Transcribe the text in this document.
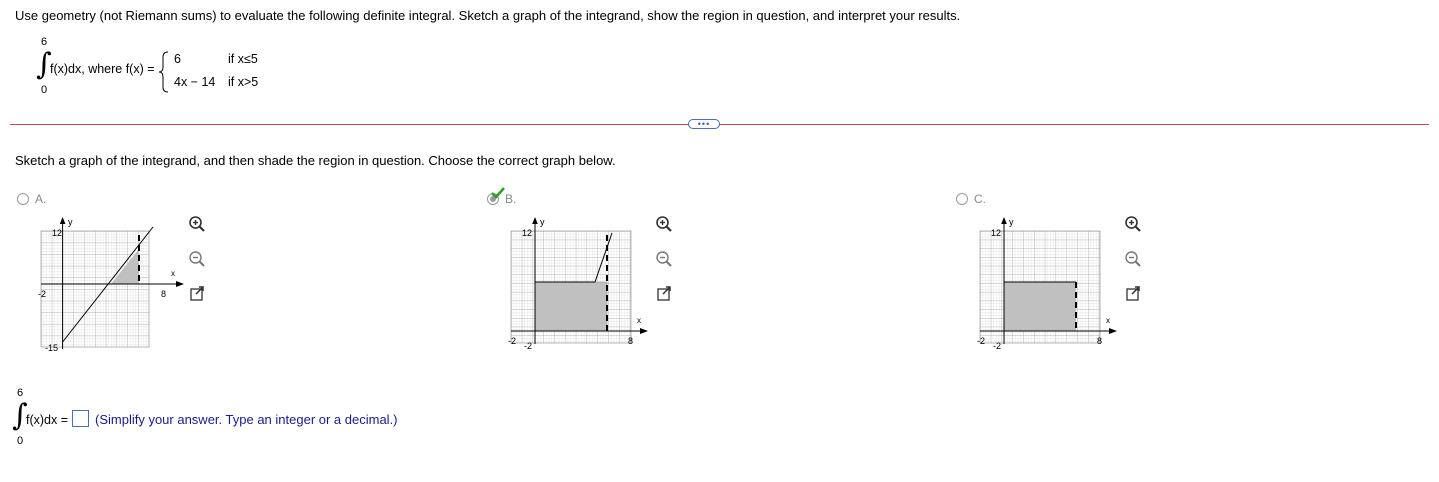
Use geometry (not Riemann sums) to evaluate the following definite integral. Sketch a graph of the integrand, show the region in question, and interpret your results.
6
∫
0
f(x)dx, where f(x) =
6	if x≤5
4x − 14 if x>5
•••
Sketch a graph of the integrand, and then shade the region in question. Choose the correct graph below.
A.
y
x
12
-15
-2	8
B.
y
x
12
-2
-2	8
C.
y
x
12
-2
-2	8
6
∫
0
f(x)dx = (Simplify your answer. Type an integer or a decimal.)
